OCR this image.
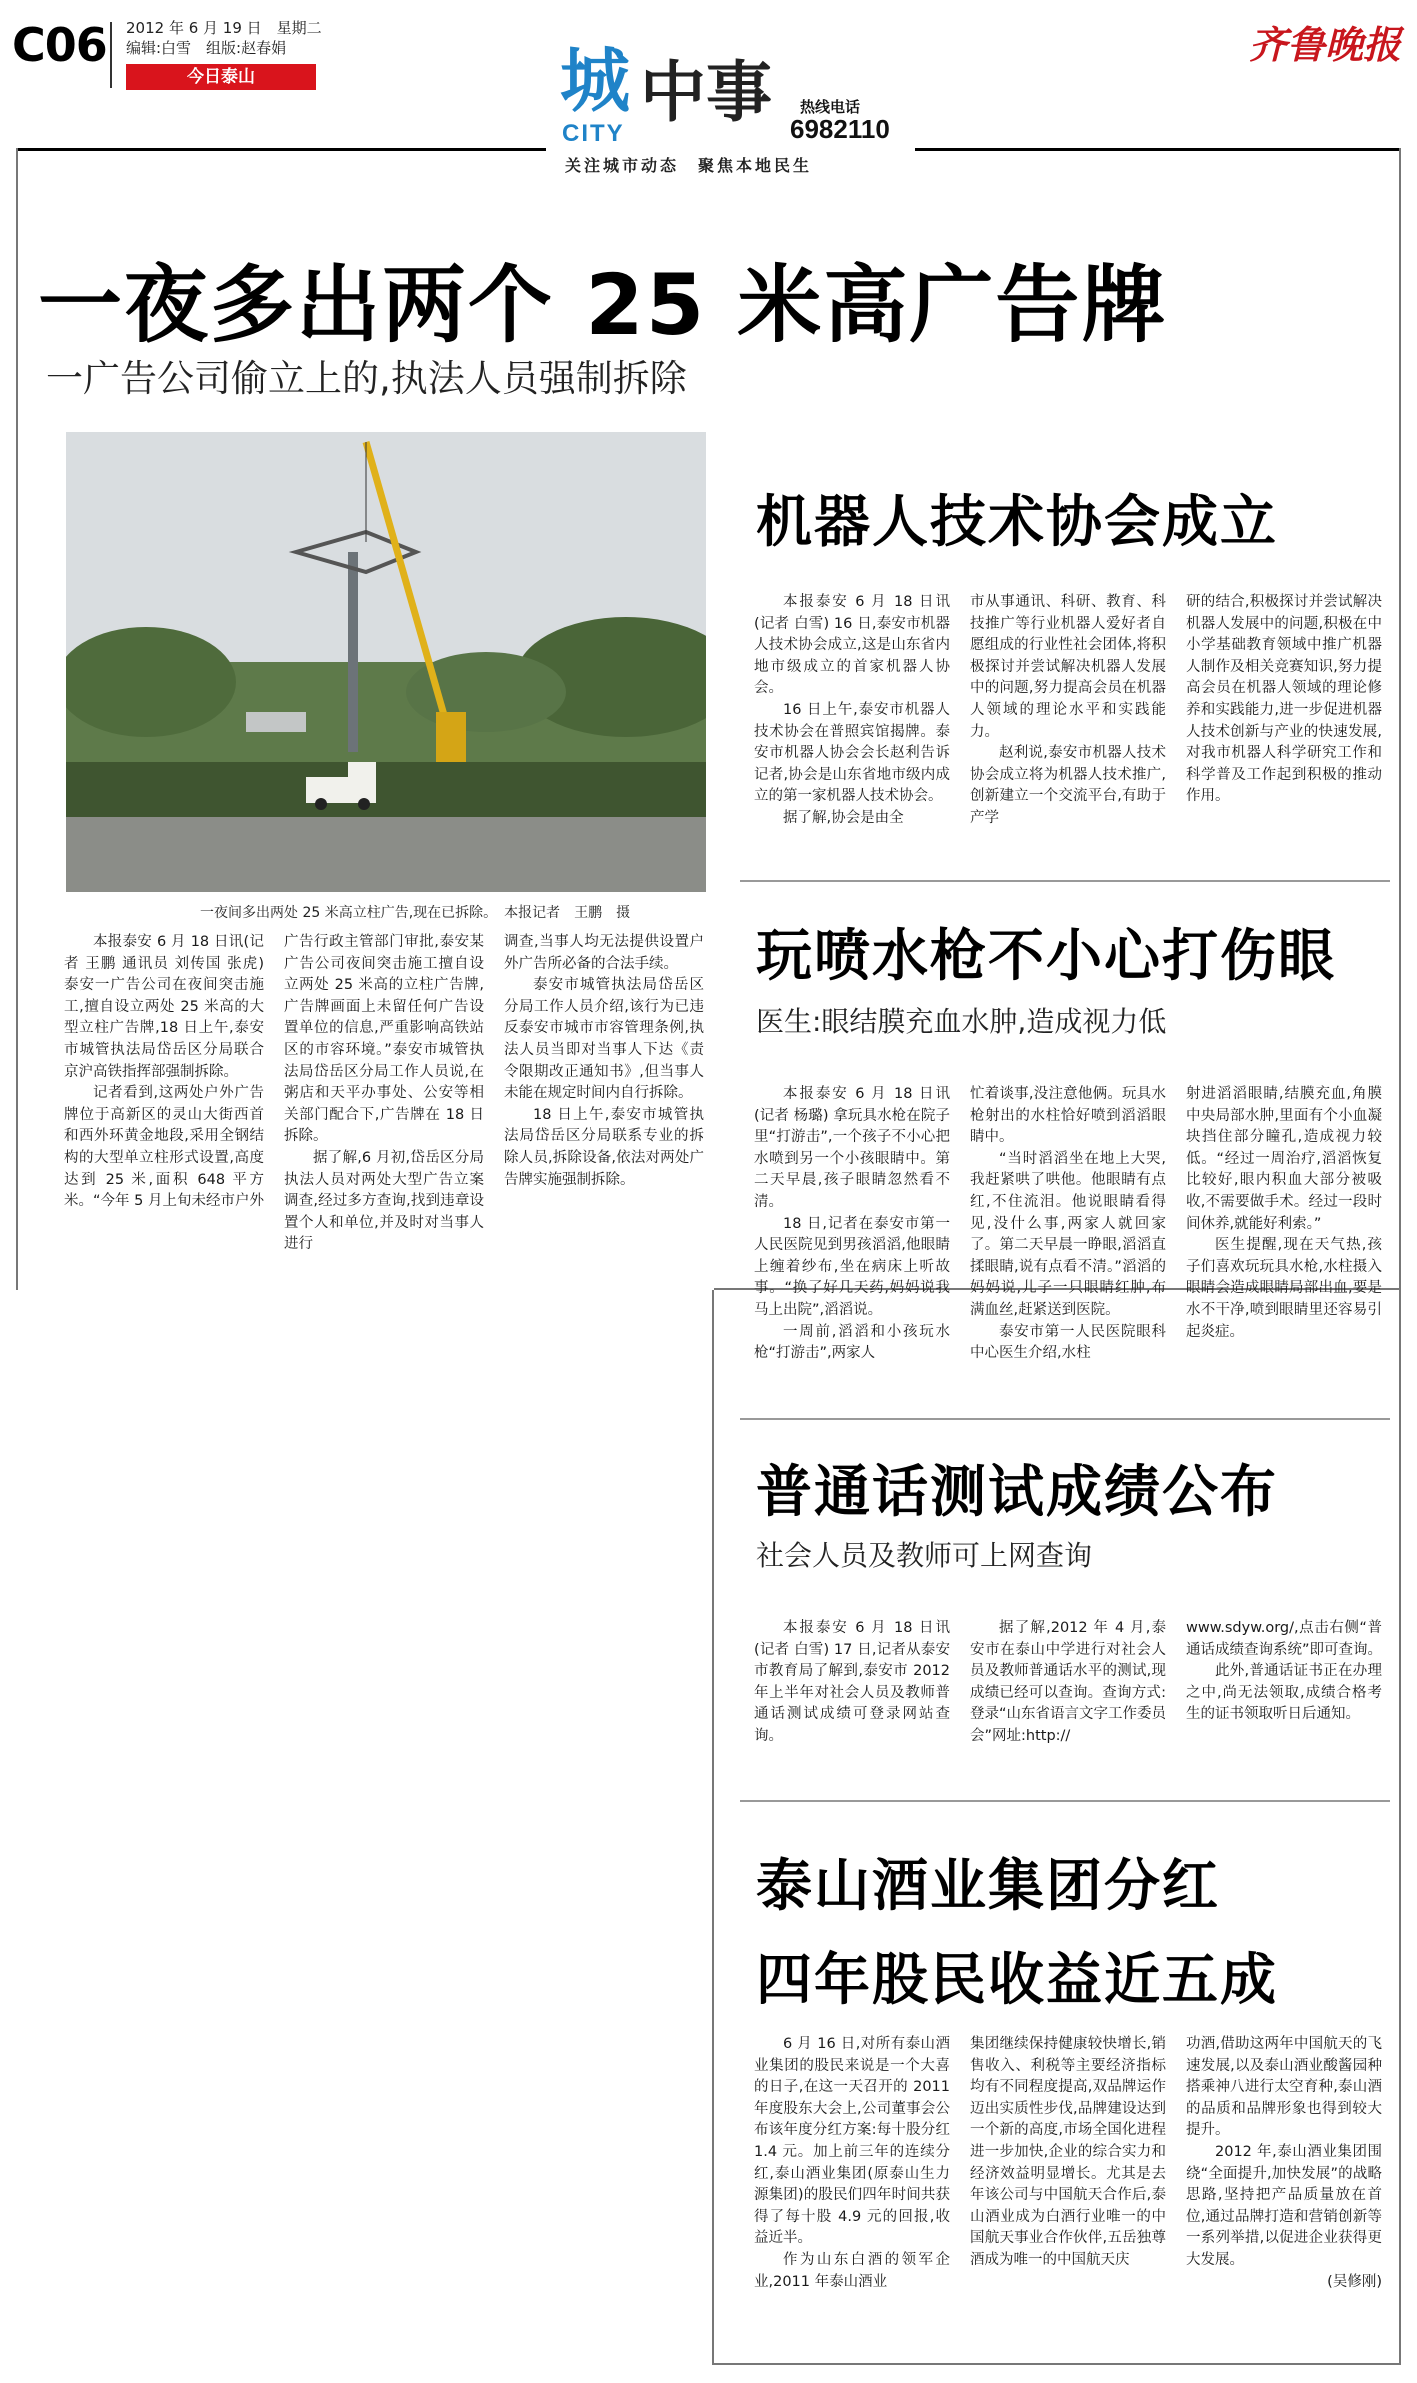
C06 2012 年 6 月 19 日　星期二
编辑:白雪　组版:赵春娟
今日泰山
齐鲁晚报
城
CITY
中事 热线电话
6982110
关注城市动态　聚焦本地民生
一夜多出两个 25 米高广告牌
一广告公司偷立上的,执法人员强制拆除
一夜间多出两处 25 米高立柱广告,现在已拆除。　本报记者　王鹏　摄

本报泰安 6 月 18 日讯(记者 王鹏 通讯员 刘传国 张虎) 泰安一广告公司在夜间突击施工,擅自设立两处 25 米高的大型立柱广告牌,18 日上午,泰安市城管执法局岱岳区分局联合京沪高铁指挥部强制拆除。

记者看到,这两处户外广告牌位于高新区的灵山大街西首和西外环黄金地段,采用全钢结构的大型单立柱形式设置,高度达到 25 米,面积 648 平方米。“今年 5 月上旬未经市户外

广告行政主管部门审批,泰安某广告公司夜间突击施工擅自设立两处 25 米高的立柱广告牌,广告牌画面上未留任何广告设置单位的信息,严重影响高铁站区的市容环境。”泰安市城管执法局岱岳区分局工作人员说,在粥店和天平办事处、公安等相关部门配合下,广告牌在 18 日拆除。

据了解,6 月初,岱岳区分局执法人员对两处大型广告立案调查,经过多方查询,找到违章设置个人和单位,并及时对当事人进行

调查,当事人均无法提供设置户外广告所必备的合法手续。

泰安市城管执法局岱岳区分局工作人员介绍,该行为已违反泰安市城市市容管理条例,执法人员当即对当事人下达《责令限期改正通知书》,但当事人未能在规定时间内自行拆除。

18 日上午,泰安市城管执法局岱岳区分局联系专业的拆除人员,拆除设备,依法对两处广告牌实施强制拆除。

机器人技术协会成立

本报泰安 6 月 18 日讯(记者 白雪) 16 日,泰安市机器人技术协会成立,这是山东省内地市级成立的首家机器人协会。

16 日上午,泰安市机器人技术协会在普照宾馆揭牌。泰安市机器人协会会长赵利告诉记者,协会是山东省地市级内成立的第一家机器人技术协会。

据了解,协会是由全

市从事通讯、科研、教育、科技推广等行业机器人爱好者自愿组成的行业性社会团体,将积极探讨并尝试解决机器人发展中的问题,努力提高会员在机器人领域的理论水平和实践能力。

赵利说,泰安市机器人技术协会成立将为机器人技术推广,创新建立一个交流平台,有助于产学

研的结合,积极探讨并尝试解决机器人发展中的问题,积极在中小学基础教育领域中推广机器人制作及相关竞赛知识,努力提高会员在机器人领域的理论修养和实践能力,进一步促进机器人技术创新与产业的快速发展,对我市机器人科学研究工作和科学普及工作起到积极的推动作用。

玩喷水枪不小心打伤眼
医生:眼结膜充血水肿,造成视力低

本报泰安 6 月 18 日讯(记者 杨璐) 拿玩具水枪在院子里“打游击”,一个孩子不小心把水喷到另一个小孩眼睛中。第二天早晨,孩子眼睛忽然看不清。

18 日,记者在泰安市第一人民医院见到男孩滔滔,他眼睛上缠着纱布,坐在病床上听故事。“换了好几天药,妈妈说我马上出院”,滔滔说。

一周前,滔滔和小孩玩水枪“打游击”,两家人

忙着谈事,没注意他俩。玩具水枪射出的水柱恰好喷到滔滔眼睛中。

“当时滔滔坐在地上大哭,我赶紧哄了哄他。他眼睛有点红,不住流泪。他说眼睛看得见,没什么事,两家人就回家了。第二天早晨一睁眼,滔滔直揉眼睛,说有点看不清。”滔滔的妈妈说,儿子一只眼睛红肿,布满血丝,赶紧送到医院。

泰安市第一人民医院眼科中心医生介绍,水柱

射进滔滔眼睛,结膜充血,角膜中央局部水肿,里面有个小血凝块挡住部分瞳孔,造成视力较低。“经过一周治疗,滔滔恢复比较好,眼内积血大部分被吸收,不需要做手术。经过一段时间休养,就能好利索。”

医生提醒,现在天气热,孩子们喜欢玩玩具水枪,水柱摄入眼睛会造成眼睛局部出血,要是水不干净,喷到眼睛里还容易引起炎症。

普通话测试成绩公布
社会人员及教师可上网查询

本报泰安 6 月 18 日讯(记者 白雪) 17 日,记者从泰安市教育局了解到,泰安市 2012 年上半年对社会人员及教师普通话测试成绩可登录网站查询。

据了解,2012 年 4 月,泰安市在泰山中学进行对社会人员及教师普通话水平的测试,现成绩已经可以查询。查询方式:登录“山东省语言文字工作委员会”网址:http://

www.sdyw.org/,点击右侧“普通话成绩查询系统”即可查询。

此外,普通话证书正在办理之中,尚无法领取,成绩合格考生的证书领取听日后通知。

泰山酒业集团分红
四年股民收益近五成

6 月 16 日,对所有泰山酒业集团的股民来说是一个大喜的日子,在这一天召开的 2011 年度股东大会上,公司董事会公布该年度分红方案:每十股分红 1.4 元。加上前三年的连续分红,泰山酒业集团(原泰山生力源集团)的股民们四年时间共获得了每十股 4.9 元的回报,收益近半。

作为山东白酒的领军企业,2011 年泰山酒业

集团继续保持健康较快增长,销售收入、利税等主要经济指标均有不同程度提高,双品牌运作迈出实质性步伐,品牌建设达到一个新的高度,市场全国化进程进一步加快,企业的综合实力和经济效益明显增长。尤其是去年该公司与中国航天合作后,泰山酒业成为白酒行业唯一的中国航天事业合作伙伴,五岳独尊酒成为唯一的中国航天庆

功酒,借助这两年中国航天的飞速发展,以及泰山酒业酸酱园种搭乘神八进行太空育种,泰山酒的品质和品牌形象也得到较大提升。

2012 年,泰山酒业集团围绕“全面提升,加快发展”的战略思路,坚持把产品质量放在首位,通过品牌打造和营销创新等一系列举措,以促进企业获得更大发展。

(吴修刚)
